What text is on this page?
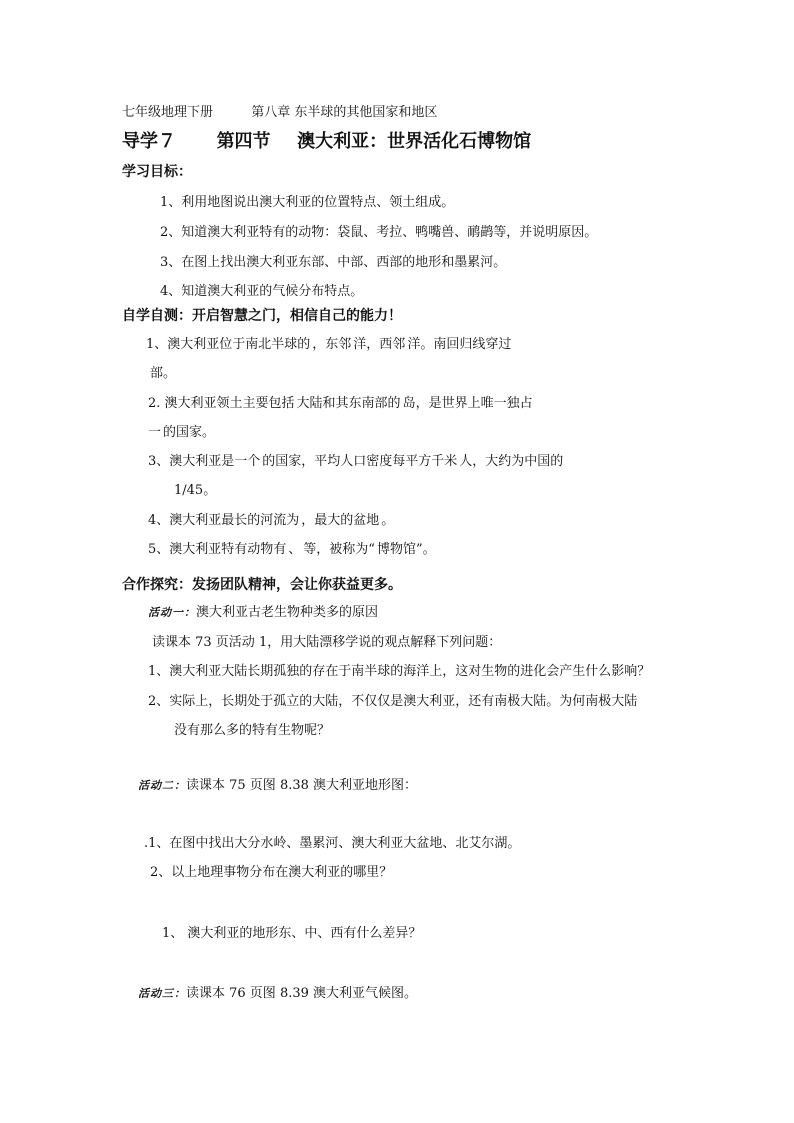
七年级地理下册	第八章 东半球的其他国家和地区
导学７ 第四节 澳大利亚：世界活化石博物馆
学习目标：
1、利用地图说出澳大利亚的位置特点、领土组成。
2、知道澳大利亚特有的动物：袋鼠、考拉、鸭嘴兽、鸸鹋等，并说明原因。
3、在图上找出澳大利亚东部、中部、西部的地形和墨累河。
4、知道澳大利亚的气候分布特点。
自学自测：开启智慧之门，相信自己的能力！
1、澳大利亚位于南北半球的 ，东邻 洋，西邻 洋。南回归线穿过
部。
2. 澳大利亚领土主要包括 大陆和其东南部的 岛，是世界上唯一独占
一 的国家。
3、澳大利亚是一个 的国家，平均人口密度每平方千米 人，大约为中国的
1/45。
4、澳大利亚最长的河流为 ，最大的盆地 。
5、澳大利亚特有动物有 、 等，被称为“ 博物馆”。
合作探究：发扬团队精神，会让你获益更多。
活动一：澳大利亚古老生物种类多的原因
读课本 73 页活动 1，用大陆漂移学说的观点解释下列问题：
1、澳大利亚大陆长期孤独的存在于南半球的海洋上，这对生物的进化会产生什么影响？
2、实际上，长期处于孤立的大陆，不仅仅是澳大利亚，还有南极大陆。为何南极大陆
没有那么多的特有生物呢？
活动二：读课本 75 页图 8.38 澳大利亚地形图：
.1、在图中找出大分水岭、墨累河、澳大利亚大盆地、北艾尔湖。
2、以上地理事物分布在澳大利亚的哪里？
1、 澳大利亚的地形东、中、西有什么差异？
活动三：读课本 76 页图 8.39 澳大利亚气候图。
